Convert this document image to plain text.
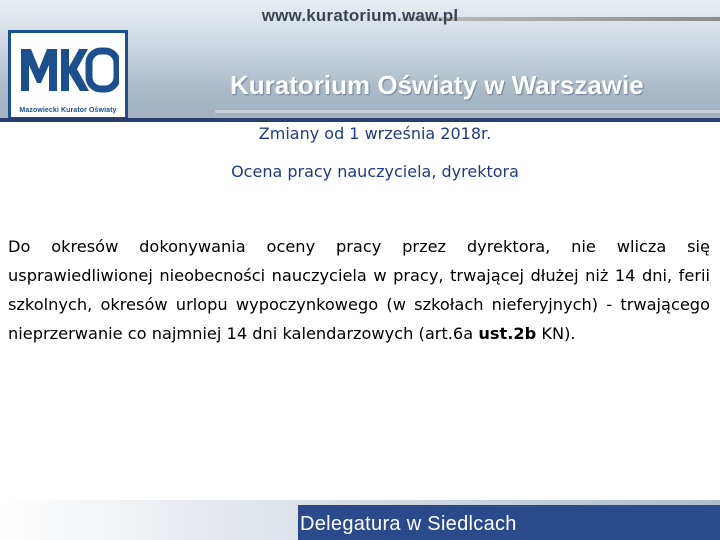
www.kuratorium.waw.pl
Mazowiecki Kurator Oświaty
Kuratorium Oświaty w Warszawie
Zmiany od 1 września 2018r.
Ocena pracy nauczyciela, dyrektora
Do okresów dokonywania oceny pracy przez dyrektora, nie wlicza się usprawiedliwionej nieobecności nauczyciela w pracy, trwającej dłużej niż 14 dni, ferii szkolnych, okresów urlopu wypoczynkowego (w szkołach nieferyjnych) - trwającego nieprzerwanie co najmniej 14 dni kalendarzowych (art.6a ust.2b KN).
Delegatura w Siedlcach
